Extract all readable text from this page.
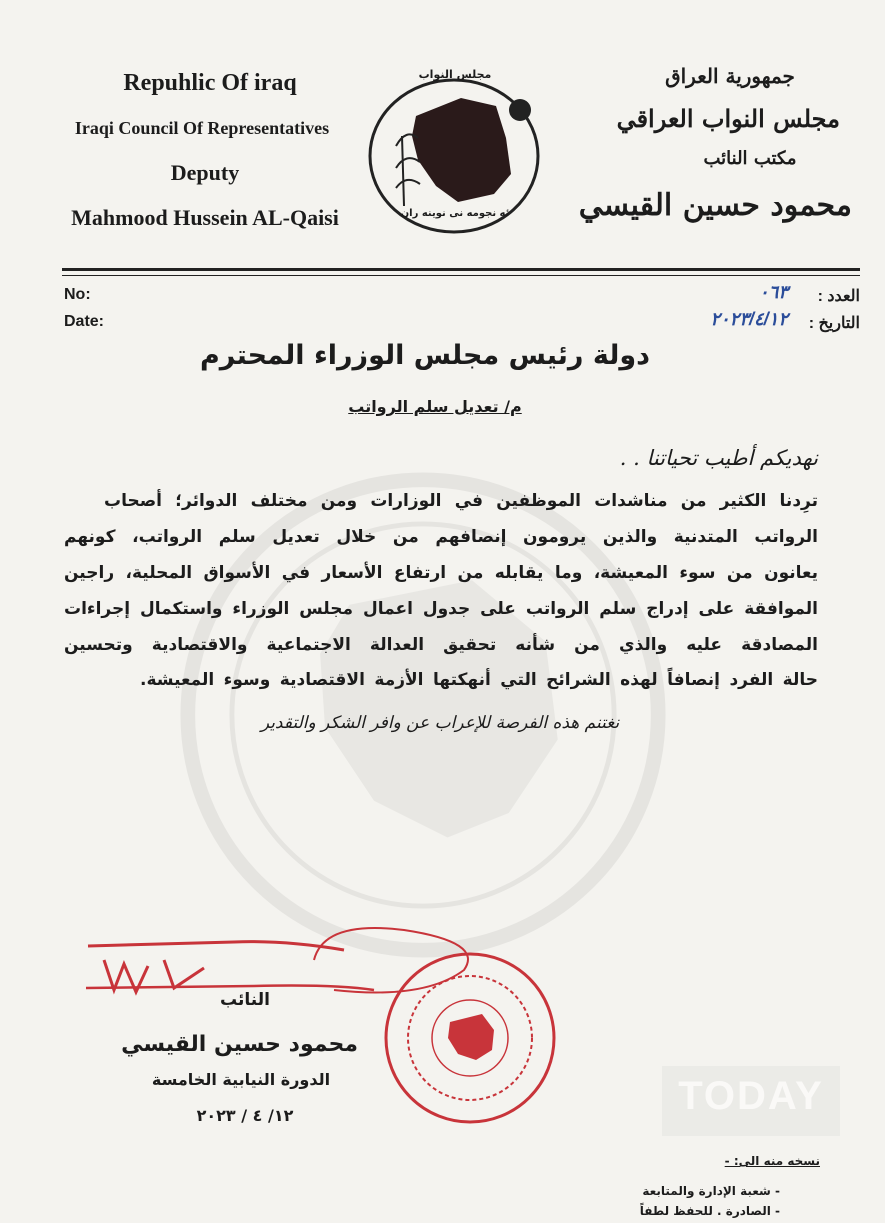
Repuhlic Of iraq
Iraqi Council Of Representatives
Deputy
Mahmood Hussein AL-Qaisi
مجلس النواب
ئه نجومه نى نوينه ران
جمهورية العراق
مجلس النواب العراقي
مكتب النائب
محمود حسين القيسي
No:
Date:
العدد :
التاريخ :
٠٦٣
٢٠٢٣/٤/١٢
دولة رئيس مجلس الوزراء المحترم
م/ تعديل سلم الرواتب
نهديكم أطيب تحياتنا . .
ترِدنا الكثير من مناشدات الموظفين في الوزارات ومن مختلف الدوائر؛ أصحاب
الرواتب المتدنية والذين يرومون إنصافهم من خلال تعديل سلم الرواتب، كونهم
يعانون من سوء المعيشة، وما يقابله من ارتفاع الأسعار في الأسواق المحلية، راجين
الموافقة على إدراج سلم الرواتب على جدول اعمال مجلس الوزراء واستكمال إجراءات
المصادقة عليه والذي من شأنه تحقيق العدالة الاجتماعية والاقتصادية وتحسين
حالة الفرد إنصافاً لهذه الشرائح التي أنهكتها الأزمة الاقتصادية وسوء المعيشة.
نغتنم هذه الفرصة للإعراب عن وافر الشكر والتقدير
النائب
محمود حسين القيسي
الدورة النيابية الخامسة
١٢/ ٤ / ٢٠٢٣	TODAY
نسخه منه الى: -
- شعبة الإدارة والمتابعة
- الصادرة . للحفظ لطفاً
